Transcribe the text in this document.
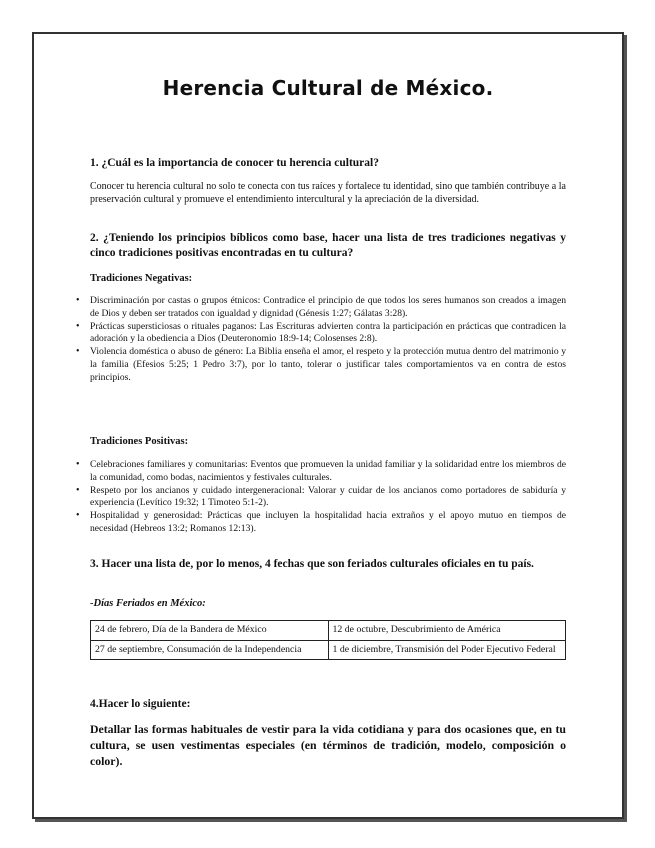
Herencia Cultural de México.
1. ¿Cuál es la importancia de conocer tu herencia cultural?
Conocer tu herencia cultural no solo te conecta con tus raíces y fortalece tu identidad, sino que también contribuye a la preservación cultural y promueve el entendimiento intercultural y la apreciación de la diversidad.
2. ¿Teniendo los principios bíblicos como base, hacer una lista de tres tradiciones negativas y cinco tradiciones positivas encontradas en tu cultura?
Tradiciones Negativas:
• Discriminación por castas o grupos étnicos: Contradice el principio de que todos los seres humanos son creados a imagen de Dios y deben ser tratados con igualdad y dignidad (Génesis 1:27; Gálatas 3:28).
• Prácticas supersticiosas o rituales paganos: Las Escrituras advierten contra la participación en prácticas que contradicen la adoración y la obediencia a Dios (Deuteronomio 18:9-14; Colosenses 2:8).
• Violencia doméstica o abuso de género: La Biblia enseña el amor, el respeto y la protección mutua dentro del matrimonio y la familia (Efesios 5:25; 1 Pedro 3:7), por lo tanto, tolerar o justificar tales comportamientos va en contra de estos principios.
Tradiciones Positivas:
• Celebraciones familiares y comunitarias: Eventos que promueven la unidad familiar y la solidaridad entre los miembros de la comunidad, como bodas, nacimientos y festivales culturales.
• Respeto por los ancianos y cuidado intergeneracional: Valorar y cuidar de los ancianos como portadores de sabiduría y experiencia (Levítico 19:32; 1 Timoteo 5:1-2).
• Hospitalidad y generosidad: Prácticas que incluyen la hospitalidad hacia extraños y el apoyo mutuo en tiempos de necesidad (Hebreos 13:2; Romanos 12:13).
3. Hacer una lista de, por lo menos, 4 fechas que son feriados culturales oficiales en tu país.
-Días Feriados en México:
24 de febrero, Día de la Bandera de México	12 de octubre, Descubrimiento de América
27 de septiembre, Consumación de la Independencia	1 de diciembre, Transmisión del Poder Ejecutivo Federal
4.Hacer lo siguiente:
Detallar las formas habituales de vestir para la vida cotidiana y para dos ocasiones que, en tu cultura, se usen vestimentas especiales (en términos de tradición, modelo, composición o color).
